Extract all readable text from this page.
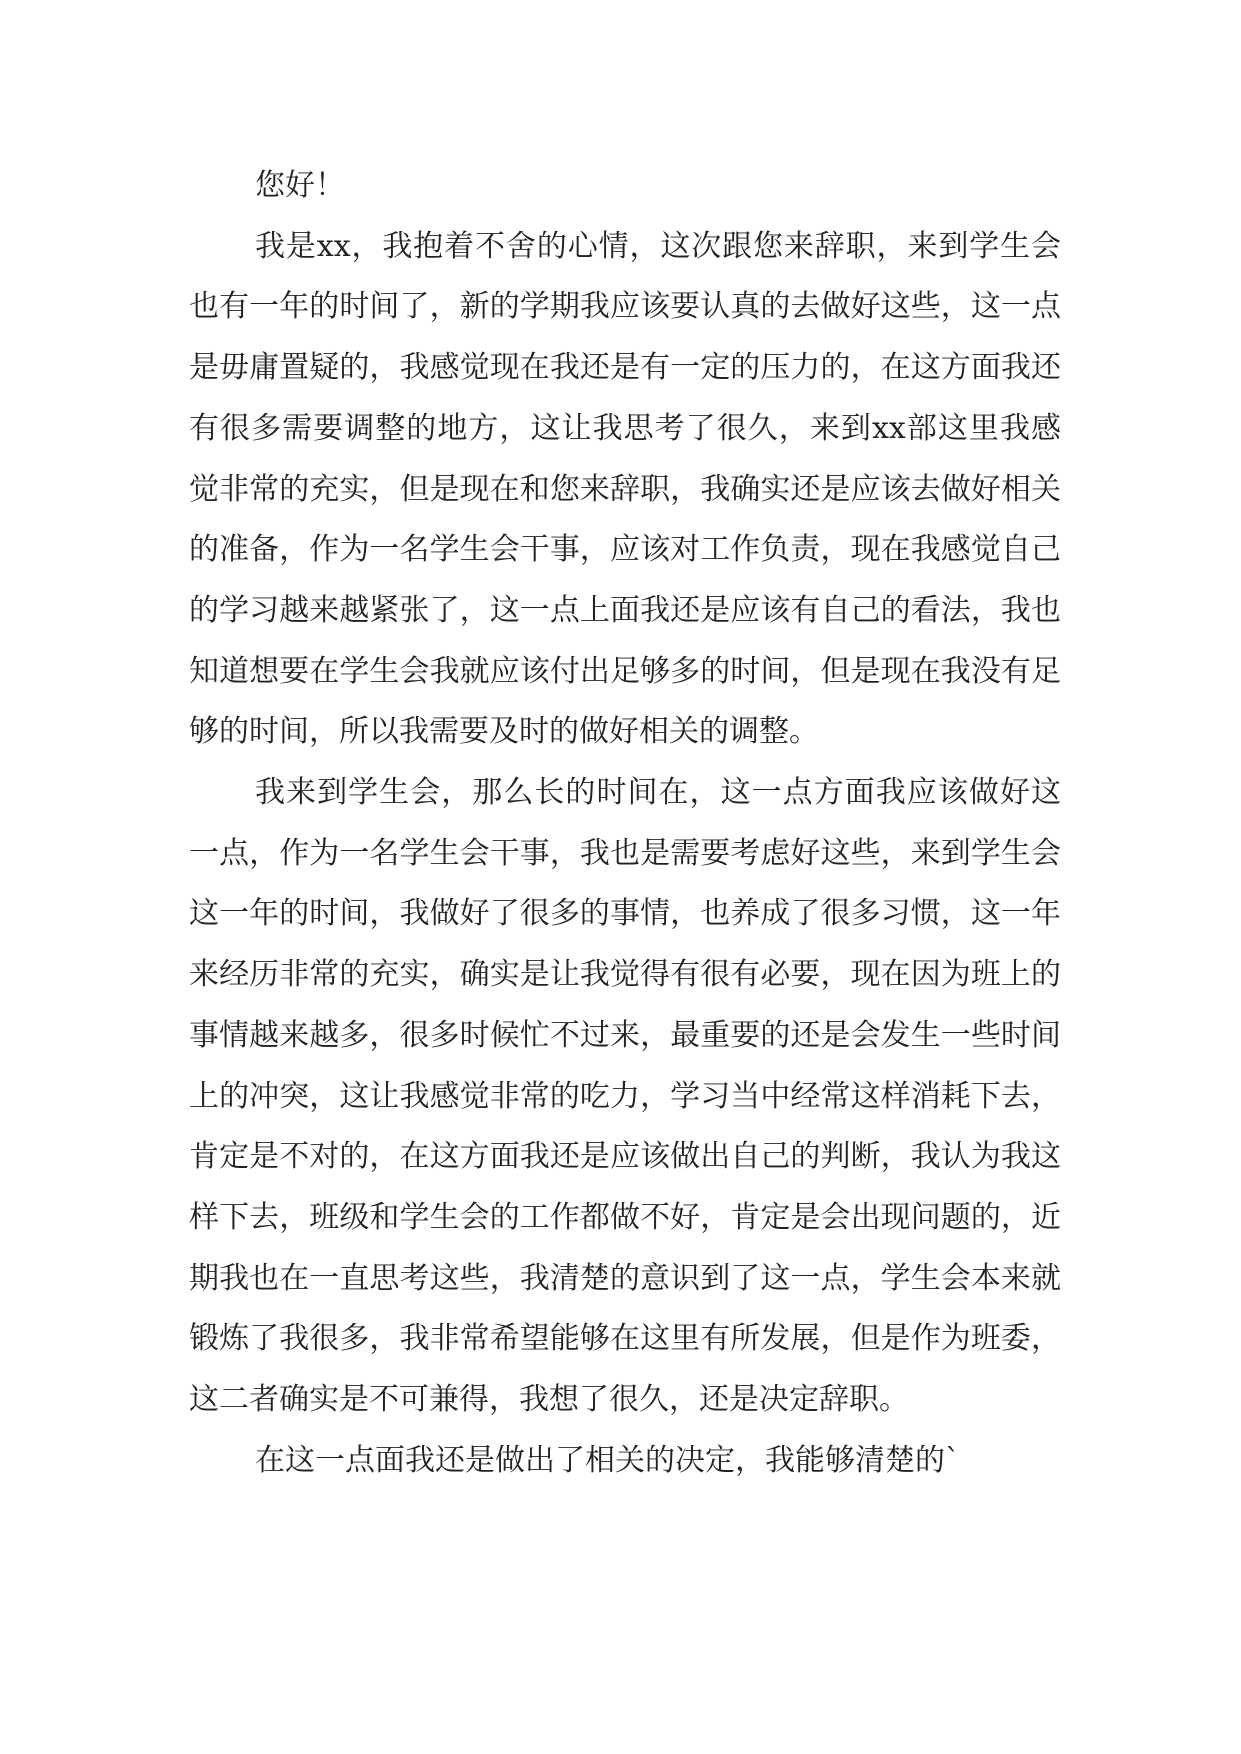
您好！

我是xx，我抱着不舍的心情，这次跟您来辞职，来到学生会也有一年的时间了，新的学期我应该要认真的去做好这些，这一点是毋庸置疑的，我感觉现在我还是有一定的压力的，在这方面我还有很多需要调整的地方，这让我思考了很久，来到xx部这里我感觉非常的充实，但是现在和您来辞职，我确实还是应该去做好相关的准备，作为一名学生会干事，应该对工作负责，现在我感觉自己的学习越来越紧张了，这一点上面我还是应该有自己的看法，我也知道想要在学生会我就应该付出足够多的时间，但是现在我没有足够的时间，所以我需要及时的做好相关的调整。

我来到学生会，那么长的时间在，这一点方面我应该做好这一点，作为一名学生会干事，我也是需要考虑好这些，来到学生会这一年的时间，我做好了很多的事情，也养成了很多习惯，这一年来经历非常的充实，确实是让我觉得有很有必要，现在因为班上的事情越来越多，很多时候忙不过来，最重要的还是会发生一些时间上的冲突，这让我感觉非常的吃力，学习当中经常这样消耗下去，肯定是不对的，在这方面我还是应该做出自己的判断，我认为我这样下去，班级和学生会的工作都做不好，肯定是会出现问题的，近期我也在一直思考这些，我清楚的意识到了这一点，学生会本来就锻炼了我很多，我非常希望能够在这里有所发展，但是作为班委，这二者确实是不可兼得，我想了很久，还是决定辞职。

在这一点面我还是做出了相关的决定，我能够清楚的`
